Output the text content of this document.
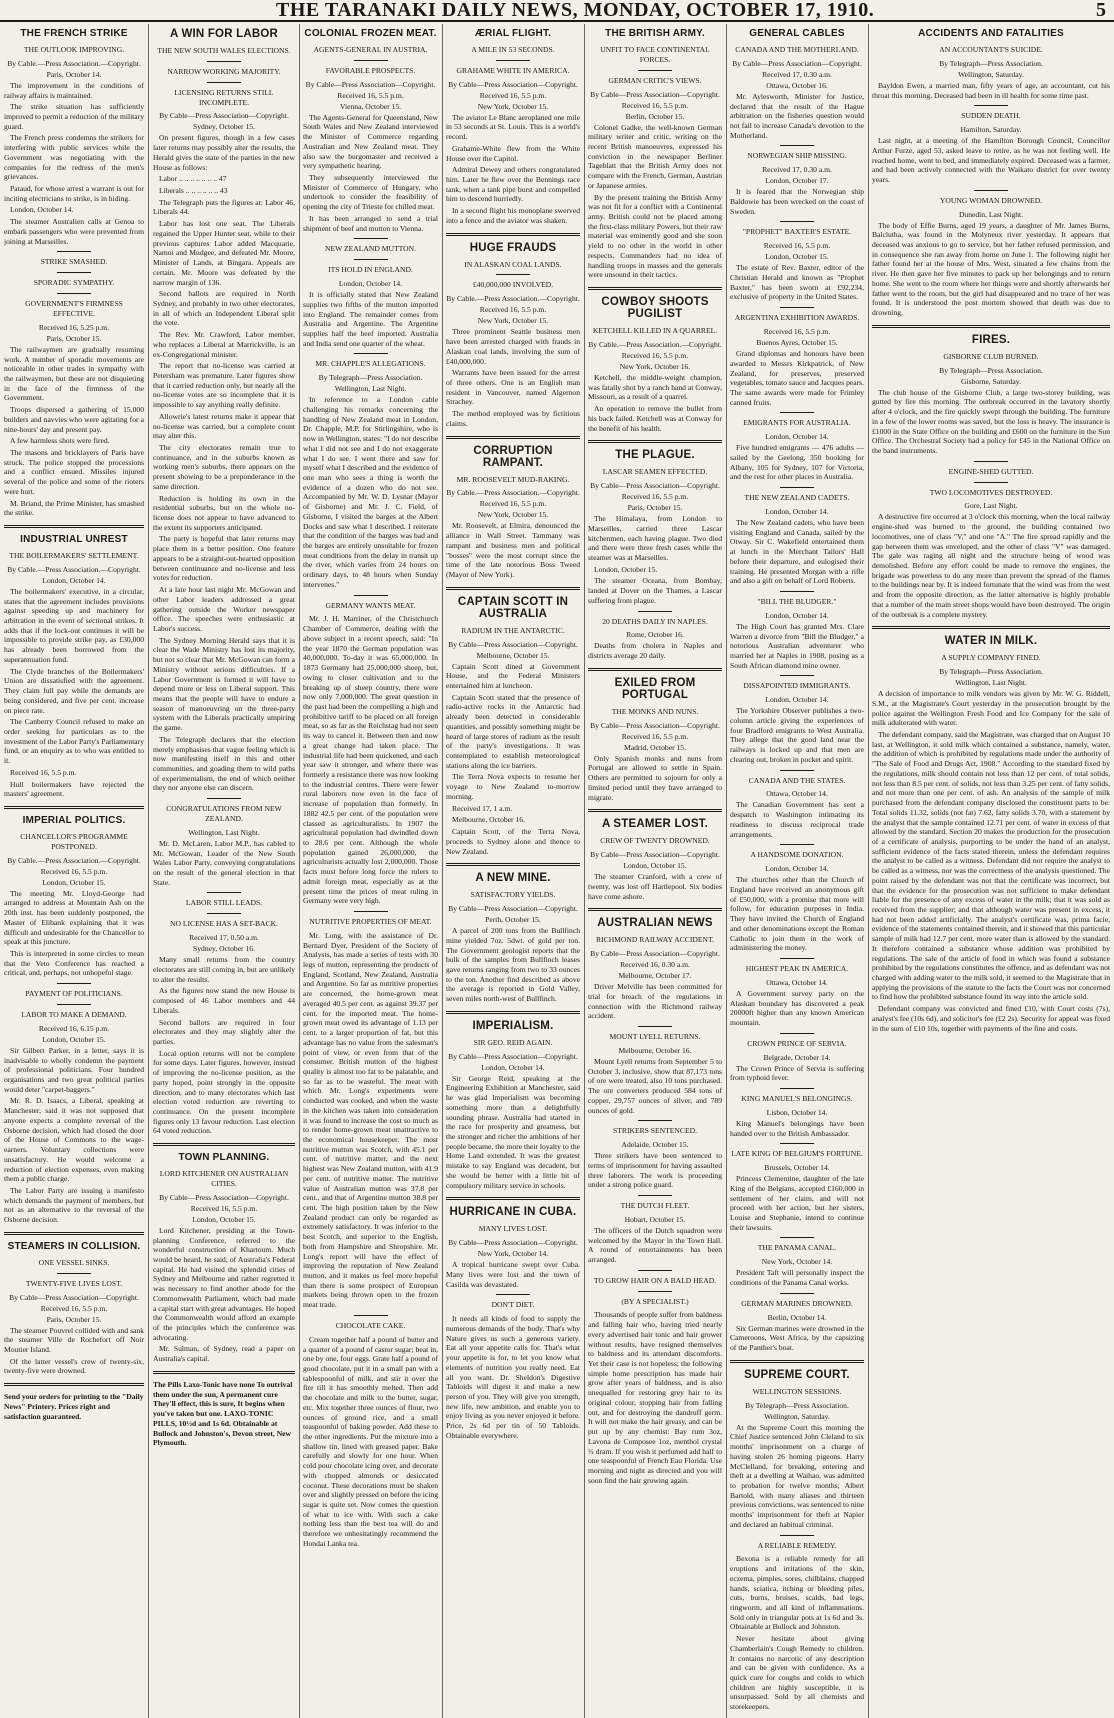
THE TARANAKI DAILY NEWS, MONDAY, OCTOBER 17, 1910.	5
THE FRENCH STRIKE
THE OUTLOOK IMPROVING.
By Cable.—Press Association.—Copyright.
Paris, October 14.

The improvement in the conditions of railway affairs is maintained.

The strike situation has sufficiently improved to permit a reduction of the military guard.

The French press condemns the strikers for interfering with public services while the Government was negotiating with the companies for the redress of the men's grievances.

Pataud, for whose arrest a warrant is out for inciting electricians to strike, is in hiding.

London, October 14.

The steamer Australien calls at Genoa to embark passengers who were prevented from joining at Marseilles.

STRIKE SMASHED.
SPORADIC SYMPATHY.
GOVERNMENT'S FIRMNESS EFFECTIVE.
Received 16, 5.25 p.m.
Paris, October 15.

The railwaymen are gradually resuming work. A number of sporadic movements are noticeable in other trades in sympathy with the railwaymen, but these are not disquieting in the face of the firmness of the Government.

Troops dispersed a gathering of 15,000 builders and navvies who were agitating for a nine-hours' day and present pay.

A few harmless shots were fired.

The masons and bricklayers of Paris have struck. The police stopped the processions and a conflict ensued. Missiles injured several of the police and some of the rioters were hurt.

M. Briand, the Prime Minister, has smashed the strike.

INDUSTRIAL UNREST
THE BOILERMAKERS' SETTLEMENT.
By Cable.—Press Association.—Copyright.
London, October 14.

The boilermakers' executive, in a circular, states that the agreement includes provisions against speeding up and machinery for arbitration in the event of sectional strikes. It adds that if the lock-out continues it will be impossible to provide strike pay, as £30,000 has already been borrowed from the superannuation fund.

The Clyde branches of the Boilermakers' Union are dissatisfied with the agreement. They claim full pay while the demands are being considered, and five per cent. increase on piece rate.

The Canberry Council refused to make an order seeking for particulars as to the investment of the Labor Party's Parliamentary fund, or an enquiry as to who was entitled to it.

Received 16, 5.5 p.m.

Hull boilermakers have rejected the masters' agreement.

IMPERIAL POLITICS.
CHANCELLOR'S PROGRAMME POSTPONED.
By Cable.—Press Association.—Copyright.
Received 16, 5.5 p.m.
London, October 15.

The meeting Mr. Lloyd-George had arranged to address at Mountain Ash on the 20th inst. has been suddenly postponed, the Master of Elibank explaining that it was difficult and undesirable for the Chancellor to speak at this juncture.

This is interpreted in some circles to mean that the Veto Conference has reached a critical, and, perhaps, not unhopeful stage.

PAYMENT OF POLITICIANS.
LABOR TO MAKE A DEMAND.
Received 16, 6.15 p.m.
London, October 15.

Sir Gilbert Parker, in a letter, says it is inadvisable to wholly condemn the payment of professional politicians. Four hundred organisations and two great political parties would deter "carpet-baggers."

Mr. R. D. Isaacs, a Liberal, speaking at Manchester, said it was not supposed that anyone expects a complete reversal of the Osborne decision, which had closed the door of the House of Commons to the wage-earners. Voluntary collections were unsatisfactory. He would welcome a reduction of election expenses, even making them a public charge.

The Labor Party are issuing a manifesto which demands the payment of members, but not as an alternative to the reversal of the Osborne decision.

STEAMERS IN COLLISION.
ONE VESSEL SINKS.
TWENTY-FIVE LIVES LOST.
By Cable—Press Association—Copyright.
Received 16, 5.5 p.m.
Paris, October 15.

The steamer Pouvrel collided with and sank the steamer Ville de Rochefort off Noir Moutier Island.

Of the latter vessel's crew of twenty-six, twenty-five were drowned.

Send your orders for printing to the "Daily News" Printery. Prices right and satisfaction guaranteed.
A WIN FOR LABOR
THE NEW SOUTH WALES ELECTIONS.
NARROW WORKING MAJORITY.
LICENSING RETURNS STILL INCOMPLETE.
By Cable—Press Association—Copyright.
Sydney, October 15.

On present figures, though in a few cases later returns may possibly alter the results, the Herald gives the state of the parties in the new House as follows:

Labor .. .. .. .. .. .. .. 47

Liberals .. .. .. .. .. .. 43

The Telegraph puts the figures at: Labor 46, Liberals 44.

Labor has lost one seat. The Liberals regained the Upper Hunter seat, while to their previous captures Labor added Macquarie, Namoi and Mudgee, and defeated Mr. Moore, Minister of Lands, at Bingara. Appeals are certain. Mr. Moore was defeated by the narrow margin of 136.

Second ballots are required in North Sydney, and probably in two other electorates, in all of which an Independent Liberal split the vote.

The Rev. Mr. Crawford, Labor member, who replaces a Liberal at Marrickville, is an ex-Congregational minister.

The report that no-license was carried at Petersham was premature. Later figures show that it carried reduction only, but nearly all the no-license votes are so incomplete that it is impossible to say anything really definite.

Allowrie's latest returns make it appear that no-license was carried, but a complete count may alter this.

The city electorates remain true to continuance, and in the suburbs known as working men's suburbs, there appears on the present showing to be a preponderance in the same direction.

Reduction is holding its own in the residential suburbs, but on the whole no-license does not appear to have advanced to the extent its supporters anticipated.

The party is hopeful that later returns may place them in a better position. One feature appears to be a straight-out-hearted opposition between continuance and no-license and less votes for reduction.

At a late hour last night Mr. McGowan and other Labor leaders addressed a great gathering outside the Worker newspaper office. The speeches were enthusiastic at Labor's success.

The Sydney Morning Herald says that it is clear the Wade Ministry has lost its majority, but not so clear that Mr. McGowan can form a Ministry without serious difficulties. If a Labor Government is formed it will have to depend more or less on Liberal support. This means that the people will have to endure a season of manoeuvring on the three-party system with the Liberals practically umpiring the game.

The Telegraph declares that the election merely emphasises that vague feeling which is now manifesting itself in this and other communities, and goading them to wild paths of experimentalism, the end of which neither they nor anyone else can discern.

CONGRATULATIONS FROM NEW ZEALAND.
Wellington, Last Night.

Mr. D. McLaren, Labor M.P., has cabled to Mr. McGowan, Leader of the New South Wales Labor Party, conveying congratulations on the result of the general election in that State.

LABOR STILL LEADS.
NO LICENSE HAS A SET-BACK.
Received 17, 0.50 a.m.
Sydney, October 16.

Many small returns from the country electorates are still coming in, but are unlikely to alter the results.

As the figures now stand the new House is composed of 46 Labor members and 44 Liberals.

Second ballots are required in four electorates and they may slightly alter the parties.

Local option returns will not be complete for some days. Later figures, however, instead of improving the no-license position, as the party hoped, point strongly in the opposite direction, and to many electorates which last election voted reduction are reverting to continuance. On the present incomplete figures only 13 favour reduction. Last election 64 voted reduction.

TOWN PLANNING.
LORD KITCHENER ON AUSTRALIAN CITIES.
By Cable—Press Association—Copyright.
Received 16, 5.5 p.m.
London, October 15.

Lord Kitchener, presiding at the Town-planning Conference, referred to the wonderful construction of Khartoum. Much would be heard, he said, of Australia's Federal capital. He had visited the splendid cities of Sydney and Melbourne and rather regretted it was necessary to find another abode for the Commonwealth Parliament, which had made a capital start with great advantages. He hoped the Commonwealth would afford an example of the principles which the conference was advocating.

Mr. Sulman, of Sydney, read a paper on Australia's capital.

The Pills Laxo-Tonic have none To outrival them under the sun, A permanent cure They'll effect, this is sure, It begins when you've taken but one. LAXO-TONIC PILLS, 10½d and 1s 6d. Obtainable at Bullock and Johnston's, Devon street, New Plymouth.
COLONIAL FROZEN MEAT.
AGENTS-GENERAL IN AUSTRIA.
FAVORABLE PROSPECTS.
By Cable—Press Association—Copyright.
Received 16, 5.5 p.m.
Vienna, October 15.

The Agents-General for Queensland, New South Wales and New Zealand interviewed the Minister of Commerce regarding Australian and New Zealand meat. They also saw the burgomaster and received a very sympathetic hearing.

They subsequently interviewed the Minister of Commerce of Hungary, who undertook to consider the feasibility of opening the city of Trieste for chilled meat.

It has been arranged to send a trial shipment of beef and mutton to Vienna.

NEW ZEALAND MUTTON.
ITS HOLD IN ENGLAND.
London, October 14.

It is officially stated that New Zealand supplies two fifths of the mutton imported into England. The remainder comes from Australia and Argentine. The Argentine supplies half the beef imported. Australia and India send one quarter of the wheat.

MR. CHAPPLE'S ALLEGATIONS.
By Telegraph—Press Association.
Wellington, Last Night.

In reference to a London cable challenging his remarks concerning the handling of New Zealand meat in London, Dr. Chapple, M.P. for Stirlingshire, who is now in Wellington, states: "I do not describe what I did not see and I do not exaggerate what I do see. I went there and saw for myself what I described and the evidence of one man who sees a thing is worth the evidence of a dozen who do not see. Accompanied by Mr. W. D. Lysnar (Mayor of Gisborne) and Mr. J. C. Field, of Gisborne, I visited the barges at the Albert Docks and saw what I described. I reiterate that the condition of the barges was bad and the barges are entirely unsuitable for frozen meat conditions from the delay in transit up the river, which varies from 24 hours on ordinary days, to 48 hours when Sunday intervenes."

GERMANY WANTS MEAT.

Mr. J. H. Marriner, of the Christchurch Chamber of Commerce, dealing with the above subject in a recent speech, said: "In the year 1870 the German population was 40,000,000. To-day it was 65,000,000. In 1873 Germany had 25,000,000 sheep, but, owing to closer cultivation and to the breaking up of sheep country, there were now only 7,000,000. The great question in the past had been the compelling a high and prohibitive tariff to be placed on all foreign meat, so as far as the Reichstag had not seen its way to cancel it. Between then and now a great change had taken place. The industrial life had been quickened, and each year saw it stronger, and where there was formerly a resistance there was now looking to the industrial centres. There were fewer rural laborers now even in the face of increase of population than formerly. In 1882 42.5 per cent. of the population were classed as agriculturalists. In 1907 the agricultural population had dwindled down to 28.6 per cent. Although the whole population gained 26,000,000, the agriculturists actually lost 2,000,000. Those facts must before long force the rulers to admit foreign meat, especially as at the present time the prices of meat ruling in Germany were very high.

NUTRITIVE PROPERTIES OF MEAT.

Mr. Long, with the assistance of Dr. Bernard Dyer, President of the Society of Analysts, has made a series of tests with 30 legs of mutton, representing the products of England, Scotland, New Zealand, Australia and Argentine. So far as nutritive properties are concerned, the home-grown meat averaged 40.5 per cent. as against 39.37 per cent. for the imported meat. The home-grown meat owed its advantage of 1.13 per cent. to a larger proportion of fat, but this advantage has no value from the salesman's point of view, or even from that of the consumer. British mutton of the highest quality is almost too fat to be palatable, and so far as to be wasteful. The meat with which Mr. Long's experiments were conducted was cooked, and when the waste in the kitchen was taken into consideration it was found to increase the cost so much as to render home-grown meat unattractive to the economical housekeeper. The most nutritive mutton was Scotch, with 45.1 per cent. of nutritive matter, and the next highest was New Zealand mutton, with 41.9 per cent. of nutritive matter. The nutritive value of Australian mutton was 37.8 per cent., and that of Argentine mutton 38.8 per cent. The high position taken by the New Zealand product can only be regarded as extremely satisfactory. It was inferior to the best Scotch, and superior to the English, both from Hampshire and Shropshire. Mr. Long's report will have the effect of improving the reputation of New Zealand mutton, and it makes us feel more hopeful than there is some prospect of European markets being thrown open to the frozen meat trade.

CHOCOLATE CAKE.

Cream together half a pound of butter and a quarter of a pound of castor sugar; beat in, one by one, four eggs. Grate half a pound of good chocolate, put it in a small pan with a tablespoonful of milk, and stir it over the fire till it has smoothly melted. Then add the chocolate and milk to the butter, sugar, etc. Mix together three ounces of flour, two ounces of ground rice, and a small teaspoonful of baking powder. Add these to the other ingredients. Put the mixture into a shallow tin, lined with greased paper. Bake carefully and slowly for one hour. When cold pour chocolate icing over, and decorate with chopped almonds or desiccated coconut. These decorations must be shaken over and slightly pressed on before the icing sugar is quite set. Now comes the question of what to ice with. With such a cake nothing less than the best tea will do and therefore we unhesitatingly recommend the Hondai Lanka tea.

ÆRIAL FLIGHT.
A MILE IN 53 SECONDS.
GRAHAME WHITE IN AMERICA.
By Cable—Press Association—Copyright.
Received 16, 5.5 p.m.
New York, October 15.

The aviator Le Blanc aeroplaned one mile in 53 seconds at St. Louis. This is a world's record.

Grahame-White flew from the White House over the Capitol.

Admiral Dewey and others congratulated him. Later he flew over the Bennings race tank, when a tank pipe burst and compelled him to descend hurriedly.

In a second flight his monoplane swerved into a fence and the aviator was shaken.

HUGE FRAUDS
IN ALASKAN COAL LANDS.
£40,000,000 INVOLVED.
By Cable.—Press Association.—Copyright.
Received 16, 5.5 p.m.
New York, October 15.

Three prominent Seattle business men have been arrested charged with frauds in Alaskan coal lands, involving the sum of £40,000,000.

Warrants have been issued for the arrest of three others. One is an English man resident in Vancouver, named Algernon Strachey.

The method employed was by fictitious claims.

CORRUPTION RAMPANT.
MR. ROOSEVELT MUD-RAKING.
By Cable.—Press Association.—Copyright.
Received 16, 5.5 p.m.
New York, October 15.

Mr. Roosevelt, at Elmira, denounced the alliance in Wall Street. Tammany was rampant and business men and political "bosses" were the most corrupt since the time of the late notorious Boss Tweed (Mayor of New York).

CAPTAIN SCOTT IN AUSTRALIA
RADIUM IN THE ANTARCTIC.
By Cable—Press Association—Copyright.
Melbourne, October 15.

Captain Scott dined at Government House, and the Federal Ministers entertained him at luncheon.

Captain Scott stated that the presence of radio-active rocks in the Antarctic had already been detected in considerable quantities, and possibly something might be heard of large stores of radium as the result of the party's investigations. It was contemplated to establish meteorological stations along the ice barriers.

The Terra Nova expects to resume her voyage to New Zealand to-morrow morning.

Received 17, 1 a.m.

Melbourne, October 16.

Captain Scott, of the Terra Nova, proceeds to Sydney alone and thence to New Zealand.

A NEW MINE.
SATISFACTORY YIELDS.
By Cable—Press Association—Copyright.
Perth, October 15.

A parcel of 200 tons from the Bullfinch mine yielded 7oz. 5dwt. of gold per ton. The Government geologist reports that the bulk of the samples from Bullfinch leases gave returns ranging from two to 33 ounces to the ton. Another find described as above the average is reported in Gold Valley, seven miles north-west of Bullfinch.

IMPERIALISM.
SIR GEO. REID AGAIN.
By Cable—Press Association—Copyright.
London, October 14.

Sir George Reid, speaking at the Engineering Exhibition at Manchester, said he was glad Imperialism was becoming something more than a delightfully sounding phrase. Australia had started in the race for prosperity and greatness, but the stronger and richer the ambitions of her people became, the more their loyalty to the Home Land extended. It was the greatest mistake to say England was decadent, but she would be better with a little bit of compulsory military service in schools.

HURRICANE IN CUBA.
MANY LIVES LOST.
By Cable—Press Association—Copyright.
New York, October 14.

A tropical hurricane swept over Cuba. Many lives were lost and the town of Casilda was devastated.

DON'T DIET.

It needs all kinds of food to supply the numerous demands of the body. That's why Nature gives us such a generous variety. Eat all your appetite calls for. That's what your appetite is for, to let you know what elements of nutrition you really need. Eat all you want. Dr. Sheldon's Digestive Tabloids will digest it and make a new person of you. They will give you strength, new life, new ambition, and enable you to enjoy living as you never enjoyed it before. Price, 2s 6d per tin of 50 Tabloids. Obtainable everywhere.

THE BRITISH ARMY.
UNFIT TO FACE CONTINENTAL FORCES.
GERMAN CRITIC'S VIEWS.
By Cable—Press Association—Copyright.
Received 16, 5.5 p.m.
Berlin, October 15.

Colonel Gadke, the well-known German military writer and critic, writing on the recent British manoeuvres, expressed his conviction in the newspaper Berliner Tageblatt that the British Army does not compare with the French, German, Austrian or Japanese armies.

By the present training the British Army was not fit for a conflict with a Continental army. British could not be placed among the first-class military Powers, but their raw material was eminently good and she soon yield to no other in the world in other respects. Commanders had no idea of handling troops in masses and the generals were unsound in their tactics.

COWBOY SHOOTS PUGILIST
KETCHELL KILLED IN A QUARREL.
By Cable.—Press Association.—Copyright.
Received 16, 5.5 p.m.
New York, October 16.

Ketchell, the middle-weight champion, was fatally shot by a ranch hand at Conway, Missouri, as a result of a quarrel.

An operation to remove the bullet from his back failed. Ketchell was at Conway for the benefit of his health.

THE PLAGUE.
LASCAR SEAMEN EFFECTED.
By Cable—Press Association—Copyright.
Received 16, 5.5 p.m.
Paris, October 15.

The Himalaya, from London to Marseilles, carried three Lascar kitchenmen, each having plague. Two died and there were three fresh cases while the steamer was at Marseilles.

London, October 15.

The steamer Oceana, from Bombay, landed at Dover on the Thames, a Lascar suffering from plague.

20 DEATHS DAILY IN NAPLES.
Rome, October 16.

Deaths from cholera in Naples and districts average 20 daily.

EXILED FROM PORTUGAL
THE MONKS AND NUNS.
By Cable—Press Association—Copyright.
Received 16, 5.5 p.m.
Madrid, October 15.

Only Spanish monks and nuns from Portugal are allowed to settle in Spain. Others are permitted to sojourn for only a limited period until they have arranged to migrate.

A STEAMER LOST.
CREW OF TWENTY DROWNED.
By Cable—Press Association—Copyright.
London, October 15.

The steamer Cranford, with a crew of twenty, was lost off Hartlepool. Six bodies have come ashore.

AUSTRALIAN NEWS
RICHMOND RAILWAY ACCIDENT.
By Cable—Press Association—Copyright.
Received 16, 0.30 a.m.
Melbourne, October 17.

Driver Melville has been committed for trial for breach of the regulations in connection with the Richmond railway accident.

MOUNT LYELL RETURNS.
Melbourne, October 16.

Mount Lyell returns from September 5 to October 3, inclusive, show that 87,173 tons of ore were treated, also 10 tons purchased. The ore converters produced 584 tons of copper, 29,757 ounces of silver, and 789 ounces of gold.

STRIKERS SENTENCED.
Adelaide, October 15.

Three strikers have been sentenced to terms of imprisonment for having assaulted three laborers. The work is proceeding under a strong police guard.

THE DUTCH FLEET.
Hobart, October 15.

The officers of the Dutch squadron were welcomed by the Mayor in the Town Hall. A round of entertainments has been arranged.

TO GROW HAIR ON A BALD HEAD.
(BY A SPECIALIST.)

Thousands of people suffer from baldness and falling hair who, having tried nearly every advertised hair tonic and hair grower without results, have resigned themselves to baldness and its attendant discomforts. Yet their case is not hopeless; the following simple home prescription has made hair grow after years of baldness, and is also unequalled for restoring grey hair to its original colour, stopping hair from falling out, and for destroying the dandruff germ. It will not make the hair greasy, and can be put up by any chemist: Bay rum 3oz, Lavona de Composee 1oz, menthol crystal ½ dram. If you wish it perfumed add half to one teaspoonful of French Eau Florida. Use morning and night as directed and you will soon find the hair growing again.

GENERAL CABLES
CANADA AND THE MOTHERLAND.
By Cable—Press Association—Copyright.
Received 17, 0.30 a.m.
Ottawa, October 16.

Mr. Aylesworth, Minister for Justice, declared that the result of the Hague arbitration on the fisheries question would not fail to increase Canada's devotion to the Motherland.

NORWEGIAN SHIP MISSING.
Received 17, 0.30 a.m.
London, October 17.

It is feared that the Norwegian ship Baldowie has been wrecked on the coast of Sweden.

"PROPHET" BAXTER'S ESTATE.
Received 16, 5.5 p.m.
London, October 15.

The estate of Rev. Baxter, editor of the Christian Herald and known as "Prophet Baxter," has been sworn at £92,234, exclusive of property in the United States.

ARGENTINA EXHIBITION AWARDS.
Received 16, 5.5 p.m.
Buenos Ayres, October 15.

Grand diplomas and honours have been awarded to Messrs Kirkpatrick, of New Zealand, for preserves, preserved vegetables, tomato sauce and Jacques pears. The same awards were made for Frimley canned fruits.

EMIGRANTS FOR AUSTRALIA.
London, October 14.

Five hundred emigrants — 476 adults — sailed by the Geelong, 350 booking for Albany, 105 for Sydney, 107 for Victoria, and the rest for other places in Australia.

THE NEW ZEALAND CADETS.
London, October 14.

The New Zealand cadets, who have been visiting England and Canada, sailed by the Otway. Sir C. Wakefield entertained them at lunch in the Merchant Tailors' Hall before their departure, and eulogised their training. He presented Morgan with a rifle and also a gift on behalf of Lord Roberts.

"BILL THE BLUDGER."
London, October 14.

The High Court has granted Mrs. Clare Warren a divorce from "Bill the Bludger," a notorious Australian adventurer who married her at Naples in 1908, posing as a South African diamond mine owner.

DISSAPOINTED IMMIGRANTS.
London, October 14.

The Yorkshire Observer publishes a two-column article giving the experiences of four Bradford emigrants to West Australia. They allege that the good land near the railways is locked up and that men are clearing out, broken in pocket and spirit.

CANADA AND THE STATES.
Ottawa, October 14.

The Canadian Government has sent a despatch to Washington intimating its readiness to discuss reciprocal trade arrangements.

A HANDSOME DONATION.
London, October 14.

The churches other than the Church of England have received an anonymous gift of £50,000, with a promise that more will follow, for education purposes in India. They have invited the Church of England and other denominations except the Roman Catholic to join them in the work of administering the money.

HIGHEST PEAK IN AMERICA.
Ottawa, October 14.

A Government survey party on the Alaskan boundary has discovered a peak 20000ft higher than any known American mountain.

CROWN PRINCE OF SERVIA.
Belgrade, October 14.

The Crown Prince of Servia is suffering from typhoid fever.

KING MANUEL'S BELONGINGS.
Lisbon, October 14.

King Manuel's belongings have been handed over to the British Ambassador.

LATE KING OF BELGIUM'S FORTUNE.
Brussels, October 14.

Princess Clementine, daughter of the late King of the Belgians, accepted £160,000 in settlement of her claim, and will not proceed with her action, but her sisters, Louise and Stephanie, intend to continue their lawsuits.

THE PANAMA CANAL.
New York, October 14.

President Taft will personally inspect the conditions of the Panama Canal works.

GERMAN MARINES DROWNED.
Berlin, October 14.

Six German marines were drowned in the Cameroons, West Africa, by the capsizing of the Panther's boat.

SUPREME COURT.
WELLINGTON SESSIONS.
By Telegraph—Press Association.
Wellington, Saturday.

At the Supreme Court this morning the Chief Justice sentenced John Cleland to six months' imprisonment on a charge of having stolen 26 homing pigeons. Harry McClelland, for breaking, entering and theft at a dwelling at Waihao, was admitted to probation for twelve months; Albert Bartold, with many aliases and thirteen previous convictions, was sentenced to nine months' imprisonment for theft at Napier and declared an habitual criminal.

A RELIABLE REMEDY.

Bexona is a reliable remedy for all eruptions and irritations of the skin, eczema, pimples, sores, chilblains, chapped hands, sciatica, itching or bleeding piles, cuts, burns, bruises, scalds, bad legs, ringworm, and all kind of inflammations. Sold only in triangular pots at 1s 6d and 3s. Obtainable at Bullock and Johnston.

Never hesitate about giving Chamberlain's Cough Remedy to children. It contains no narcotic of any description and can be given with confidence. As a quick cure for coughs and colds to which children are highly susceptible, it is unsurpassed. Sold by all chemists and storekeepers.

ACCIDENTS AND FATALITIES
AN ACCOUNTANT'S SUICIDE.
By Telegraph—Press Association.
Wellington, Saturday.

Bayldon Ewen, a married man, fifty years of age, an accountant, cut his throat this morning. Deceased had been in ill health for some time past.

SUDDEN DEATH.
Hamilton, Saturday.

Last night, at a meeting of the Hamilton Borough Council, Councillor Arthur Furze, aged 53, asked leave to retire, as he was not feeling well. He reached home, went to bed, and immediately expired. Deceased was a farmer, and had been actively connected with the Waikato district for over twenty years.

YOUNG WOMAN DROWNED.
Dunedin, Last Night.

The body of Effie Burns, aged 19 years, a daughter of Mr. James Burns, Balclutha, was found in the Molyneux river yesterday. It appears that deceased was anxious to go to service, but her father refused permission, and in consequence she ran away from home on June 1. The following night her father found her at the house of Mrs. West, situated a few chains from the river. He then gave her five minutes to pack up her belongings and to return home. She went to the room where her things were and shortly afterwards her father went to the room, but the girl had disappeared and no trace of her was found. It is understood the post mortem showed that death was due to drowning.

FIRES.
GISBORNE CLUB BURNED.
By Telegraph—Press Association.
Gisborne, Saturday.

The club house of the Gisborne Club, a large two-storey building, was gutted by fire this morning. The outbreak occurred in the lavatory shortly after 4 o'clock, and the fire quickly swept through the building. The furniture in a few of the lower rooms was saved, but the loss is heavy. The insurance is £1000 in the State Office on the building and £600 on the furniture in the Sun Office. The Orchestral Society had a policy for £45 in the National Office on the band instruments.

ENGINE-SHED GUTTED.
TWO LOCOMOTIVES DESTROYED.
Gore, Last Night.

A destructive fire occurred at 3 o'clock this morning, when the local railway engine-shed was burned to the ground, the building contained two locomotives, one of class "V," and one "A." The fire spread rapidly and the gap between them was enveloped, and the other of class "V" was damaged. The gale was raging all night and the structure being of wood was demolished. Before any effort could be made to remove the engines, the brigade was powerless to do any more than prevent the spread of the flames to the buildings near by. It is indeed fortunate that the wind was from the west and from the opposite direction, as the latter alternative is highly probable that a number of the main street shops would have been destroyed. The origin of the outbreak is a complete mystery.

WATER IN MILK.
A SUPPLY COMPANY FINED.
By Telegraph—Press Association.
Wellington, Last Night.

A decision of importance to milk vendors was given by Mr. W. G. Riddell, S.M., at the Magistrate's Court yesterday in the prosecution brought by the police against the Wellington Fresh Food and Ice Company for the sale of milk adulterated with water.

The defendant company, said the Magistrate, was charged that on August 10 last, at Wellington, it sold milk which contained a substance, namely, water, the addition of which is prohibited by regulations made under the authority of "The Sale of Food and Drugs Act, 1908." According to the standard fixed by the regulations, milk should contain not less than 12 per cent. of total solids, not less than 8.5 per cent. of solids, not less than 3.25 per cent. of fatty solids, and not more than one per cent. of ash. An analysis of the sample of milk purchased from the defendant company disclosed the constituent parts to be: Total solids 11.32, solids (not fat) 7.62, fatty solids 3.70, with a statement by the analyst that the sample contained 12.71 per cent. of water in excess of that allowed by the standard. Section 20 makes the production for the prosecution of a certificate of analysis, purporting to be under the hand of an analyst, sufficient evidence of the facts stated therein, unless the defendant requires the analyst to be called as a witness. Defendant did not require the analyst to be called as a witness, nor was the correctness of the analysis questioned. The point raised by the defendant was not that the certificate was incorrect, but that the evidence for the prosecution was not sufficient to make defendant liable for the presence of any excess of water in the milk; that it was sold as received from the supplier; and that although water was present in excess, it had not been added artificially. The analyst's certificate was, prima facie, evidence of the statements contained therein, and it showed that this particular sample of milk had 12.7 per cent. more water than is allowed by the standard. It therefore contained a substance whose addition was prohibited by regulations. The sale of the article of food in which was found a substance prohibited by the regulations constitutes the offence, and as defendant was not charged with adding water to the milk sold, it seemed to the Magistrate that in applying the provisions of the statute to the facts the Court was not concerned to find how the prohibited substance found its way into the article sold.

Defendant company was convicted and fined £10, with Court costs (7s), analyst's fee (10s 6d), and solicitor's fee (£2 2s). Security for appeal was fixed in the sum of £10 10s, together with payments of the fine and costs.
